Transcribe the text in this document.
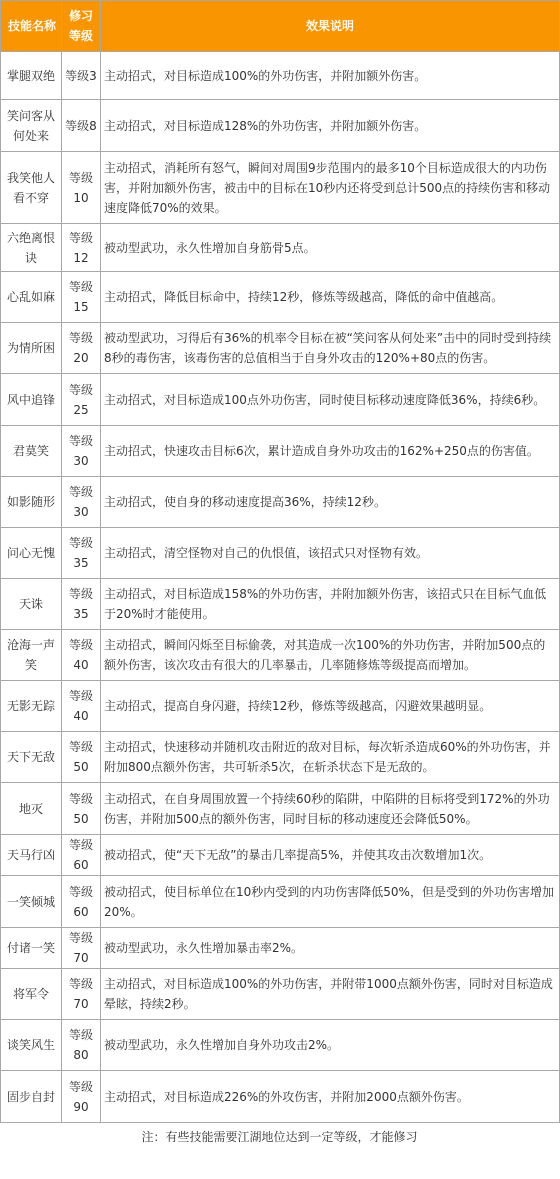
技能名称	修习等级	效果说明
掌腿双绝	等级3	主动招式，对目标造成100%的外功伤害，并附加额外伤害。
笑问客从何处来	等级8	主动招式，对目标造成128%的外功伤害，并附加额外伤害。
我笑他人看不穿	等级10	主动招式，消耗所有怒气，瞬间对周围9步范围内的最多10个目标造成很大的内功伤害，并附加额外伤害，被击中的目标在10秒内还将受到总计500点的持续伤害和移动速度降低70%的效果。
六绝离恨诀	等级12	被动型武功，永久性增加自身筋骨5点。
心乱如麻	等级15	主动招式，降低目标命中，持续12秒，修炼等级越高，降低的命中值越高。
为情所困	等级20	被动型武功，习得后有36%的机率令目标在被“笑问客从何处来”击中的同时受到持续8秒的毒伤害，该毒伤害的总值相当于自身外攻击的120%+80点的伤害。
风中追锋	等级25	主动招式，对目标造成100点外功伤害，同时使目标移动速度降低36%，持续6秒。
君莫笑	等级30	主动招式，快速攻击目标6次，累计造成自身外功攻击的162%+250点的伤害值。
如影随形	等级30	主动招式，使自身的移动速度提高36%，持续12秒。
问心无愧	等级35	主动招式，清空怪物对自己的仇恨值，该招式只对怪物有效。
天诛	等级35	主动招式，对目标造成158%的外功伤害，并附加额外伤害，该招式只在目标气血低于20%时才能使用。
沧海一声笑	等级40	主动招式，瞬间闪烁至目标偷袭，对其造成一次100%的外功伤害，并附加500点的额外伤害，该次攻击有很大的几率暴击，几率随修炼等级提高而增加。
无影无踪	等级40	主动招式，提高自身闪避，持续12秒，修炼等级越高，闪避效果越明显。
天下无敌	等级50	主动招式，快速移动并随机攻击附近的敌对目标，每次斩杀造成60%的外功伤害，并附加800点额外伤害，共可斩杀5次，在斩杀状态下是无敌的。
地灭	等级50	主动招式，在自身周围放置一个持续60秒的陷阱，中陷阱的目标将受到172%的外功伤害，并附加500点的额外伤害，同时目标的移动速度还会降低50%。
天马行凶	等级60	被动招式，使“天下无敌”的暴击几率提高5%，并使其攻击次数增加1次。
一笑倾城	等级60	被动招式，使目标单位在10秒内受到的内功伤害降低50%，但是受到的外功伤害增加20%。
付诸一笑	等级70	被动型武功，永久性增加暴击率2%。
将军令	等级70	主动招式，对目标造成100%的外功伤害，并附带1000点额外伤害，同时对目标造成晕眩，持续2秒。
谈笑风生	等级80	被动型武功，永久性增加自身外功攻击2%。
固步自封	等级90	主动招式，对目标造成226%的外攻伤害，并附加2000点额外伤害。
注：有些技能需要江湖地位达到一定等级，才能修习
